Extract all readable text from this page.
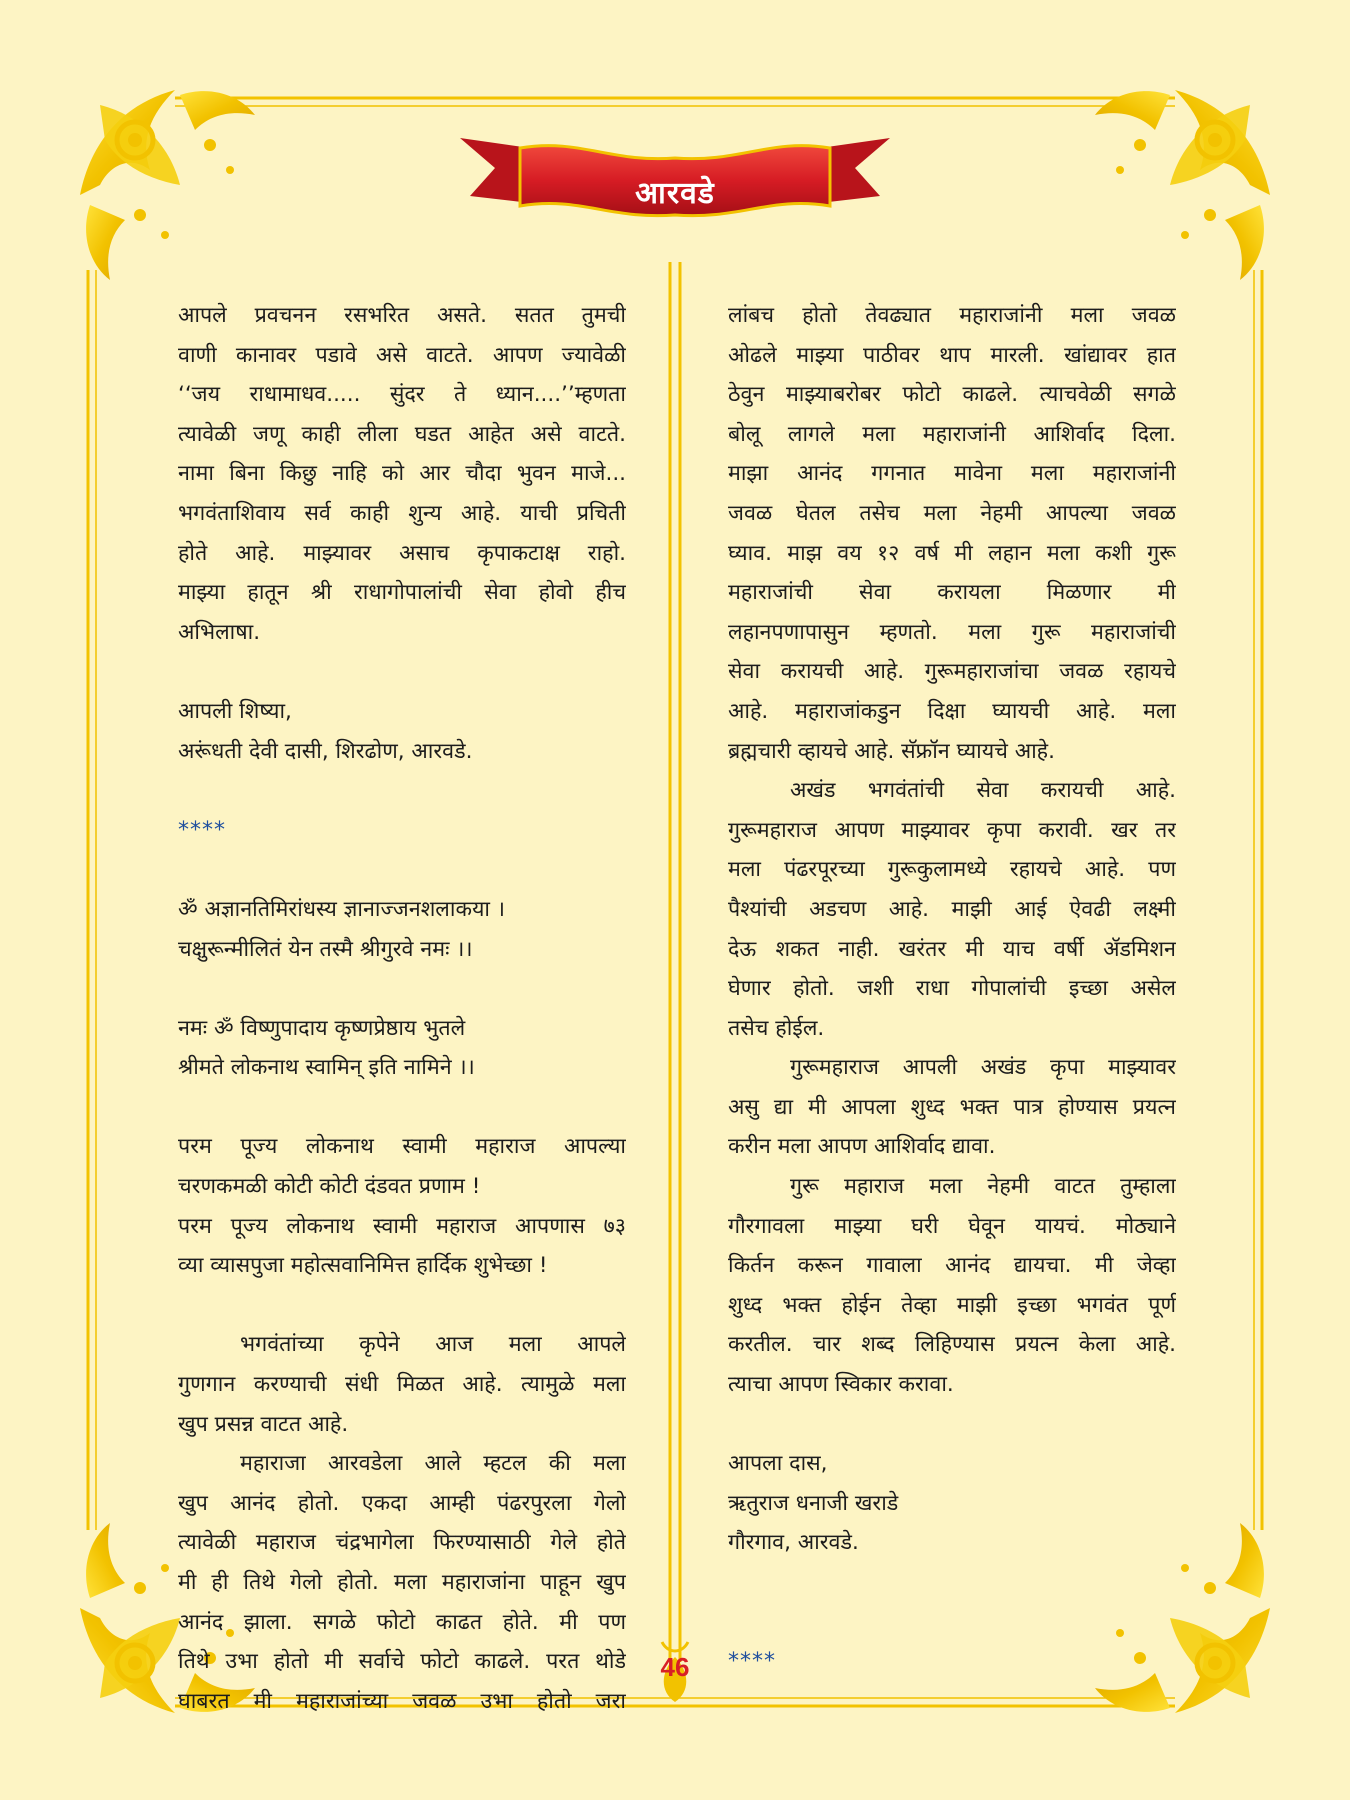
आरवडे
आपले प्रवचनन रसभरित असते. सतत तुमची
वाणी कानावर पडावे असे वाटते. आपण ज्यावेळी
‘‘जय राधामाधव..... सुंदर ते ध्यान....’’म्हणता
त्यावेळी जणू काही लीला घडत आहेत असे वाटते.
नामा बिना किछु नाहि को आर चौदा भुवन माजे...
भगवंताशिवाय सर्व काही शुन्य आहे. याची प्रचिती
होते आहे. माझ्यावर असाच कृपाकटाक्ष राहो.
माझ्या हातून श्री राधागोपालांची सेवा होवो हीच
अभिलाषा.
आपली शिष्या,
अरूंधती देवी दासी, शिरढोण, आरवडे.
****
ॐ अज्ञानतिमिरांधस्य ज्ञानाज्जनशलाकया ।
चक्षुरून्मीलितं येन तस्मै श्रीगुरवे नमः ।।
नमः ॐ विष्णुपादाय कृष्णप्रेष्ठाय भुतले
श्रीमते लोकनाथ स्वामिन् इति नामिने ।।
परम पूज्य लोकनाथ स्वामी महाराज आपल्या
चरणकमळी कोटी कोटी दंडवत प्रणाम !
परम पूज्य लोकनाथ स्वामी महाराज आपणास ७३
व्या व्यासपुजा महोत्सवानिमित्त हार्दिक शुभेच्छा !
भगवंतांच्या कृपेने आज मला आपले
गुणगान करण्याची संधी मिळत आहे. त्यामुळे मला
खुप प्रसन्न वाटत आहे.
महाराजा आरवडेला आले म्हटल की मला
खुप आनंद होतो. एकदा आम्ही पंढरपुरला गेलो
त्यावेळी महाराज चंद्रभागेला फिरण्यासाठी गेले होते
मी ही तिथे गेलो होतो. मला महाराजांना पाहून खुप
आनंद झाला. सगळे फोटो काढत होते. मी पण
तिथे उभा होतो मी सर्वाचे फोटो काढले. परत थोडे
घाबरत मी महाराजांच्या जवळ उभा होतो जरा
लांबच होतो तेवढ्यात महाराजांनी मला जवळ
ओढले माझ्या पाठीवर थाप मारली. खांद्यावर हात
ठेवुन माझ्याबरोबर फोटो काढले. त्याचवेळी सगळे
बोलू लागले मला महाराजांनी आशिर्वाद दिला.
माझा आनंद गगनात मावेना मला महाराजांनी
जवळ घेतल तसेच मला नेहमी आपल्या जवळ
घ्याव. माझ वय १२ वर्ष मी लहान मला कशी गुरू
महाराजांची सेवा करायला मिळणार मी
लहानपणापासुन म्हणतो. मला गुरू महाराजांची
सेवा करायची आहे. गुरूमहाराजांचा जवळ रहायचे
आहे. महाराजांकडुन दिक्षा घ्यायची आहे. मला
ब्रह्मचारी व्हायचे आहे. सॅफ्रॉन घ्यायचे आहे.
अखंड भगवंतांची सेवा करायची आहे.
गुरूमहाराज आपण माझ्यावर कृपा करावी. खर तर
मला पंढरपूरच्या गुरूकुलामध्ये रहायचे आहे. पण
पैश्यांची अडचण आहे. माझी आई ऐवढी लक्ष्मी
देऊ शकत नाही. खरंतर मी याच वर्षी ॲडमिशन
घेणार होतो. जशी राधा गोपालांची इच्छा असेल
तसेच होईल.
गुरूमहाराज आपली अखंड कृपा माझ्यावर
असु द्या मी आपला शुध्द भक्त पात्र होण्यास प्रयत्न
करीन मला आपण आशिर्वाद द्यावा.
गुरू महाराज मला नेहमी वाटत तुम्हाला
गौरगावला माझ्या घरी घेवून यायचं. मोठ्याने
किर्तन करून गावाला आनंद द्यायचा. मी जेव्हा
शुध्द भक्त होईन तेव्हा माझी इच्छा भगवंत पूर्ण
करतील. चार शब्द लिहिण्यास प्रयत्न केला आहे.
त्याचा आपण स्विकार करावा.
आपला दास,
ऋतुराज धनाजी खराडे
गौरगाव, आरवडे.
****
46
